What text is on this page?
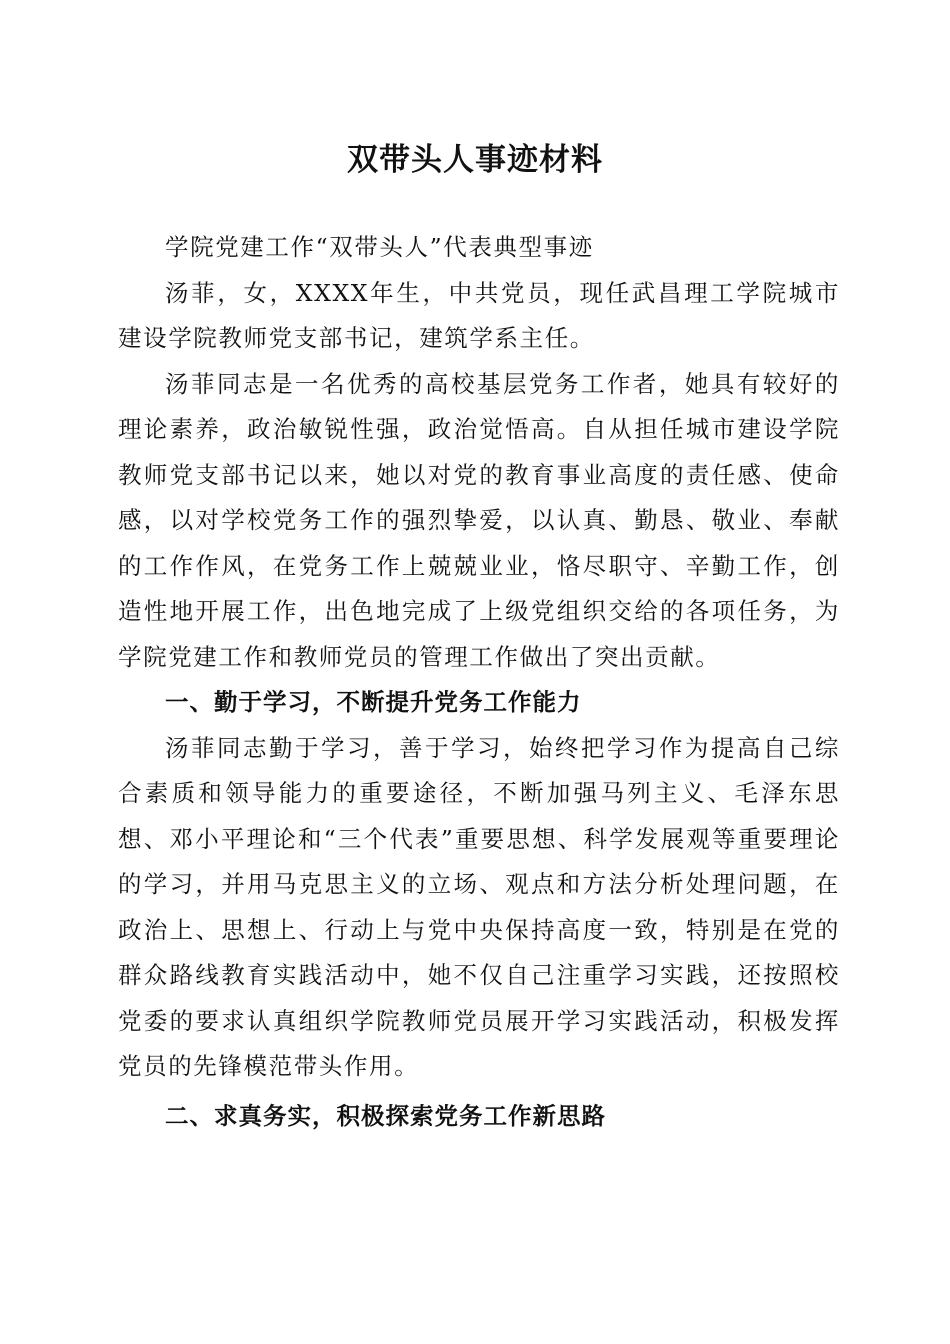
双带头人事迹材料

学院党建工作“双带头人”代表典型事迹

汤菲，女，XXXX年生，中共党员，现任武昌理工学院城市建设学院教师党支部书记，建筑学系主任。

汤菲同志是一名优秀的高校基层党务工作者，她具有较好的理论素养，政治敏锐性强，政治觉悟高。自从担任城市建设学院教师党支部书记以来，她以对党的教育事业高度的责任感、使命感，以对学校党务工作的强烈挚爱，以认真、勤恳、敬业、奉献的工作作风，在党务工作上兢兢业业，恪尽职守、辛勤工作，创造性地开展工作，出色地完成了上级党组织交给的各项任务，为学院党建工作和教师党员的管理工作做出了突出贡献。

一、勤于学习，不断提升党务工作能力

汤菲同志勤于学习，善于学习，始终把学习作为提高自己综合素质和领导能力的重要途径，不断加强马列主义、毛泽东思想、邓小平理论和“三个代表”重要思想、科学发展观等重要理论的学习，并用马克思主义的立场、观点和方法分析处理问题，在政治上、思想上、行动上与党中央保持高度一致，特别是在党的群众路线教育实践活动中，她不仅自己注重学习实践，还按照校党委的要求认真组织学院教师党员展开学习实践活动，积极发挥党员的先锋模范带头作用。

二、求真务实，积极探索党务工作新思路
